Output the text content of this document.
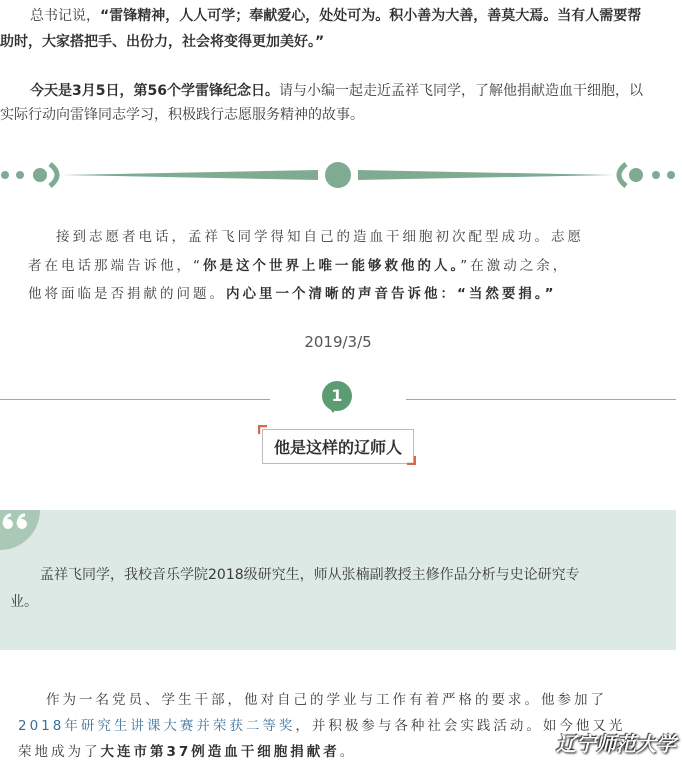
总书记说，“雷锋精神，人人可学；奉献爱心，处处可为。积小善为大善，善莫大焉。当有人需要帮
助时，大家搭把手、出份力，社会将变得更加美好。”
今天是3月5日，第56个学雷锋纪念日。请与小编一起走近孟祥飞同学，了解他捐献造血干细胞，以
实际行动向雷锋同志学习，积极践行志愿服务精神的故事。
接到志愿者电话，孟祥飞同学得知自己的造血干细胞初次配型成功。志愿
者在电话那端告诉他，“你是这个世界上唯一能够救他的人。”在激动之余，
他将面临是否捐献的问题。内心里一个清晰的声音告诉他：“当然要捐。”
2019/3/5
1
他是这样的辽师人
孟祥飞同学，我校音乐学院2018级研究生，师从张楠副教授主修作品分析与史论研究专
业。
作为一名党员、学生干部，他对自己的学业与工作有着严格的要求。他参加了
2018年研究生讲课大赛并荣获二等奖，并积极参与各种社会实践活动。如今他又光
荣地成为了大连市第37例造血干细胞捐献者。	辽宁师范大学
